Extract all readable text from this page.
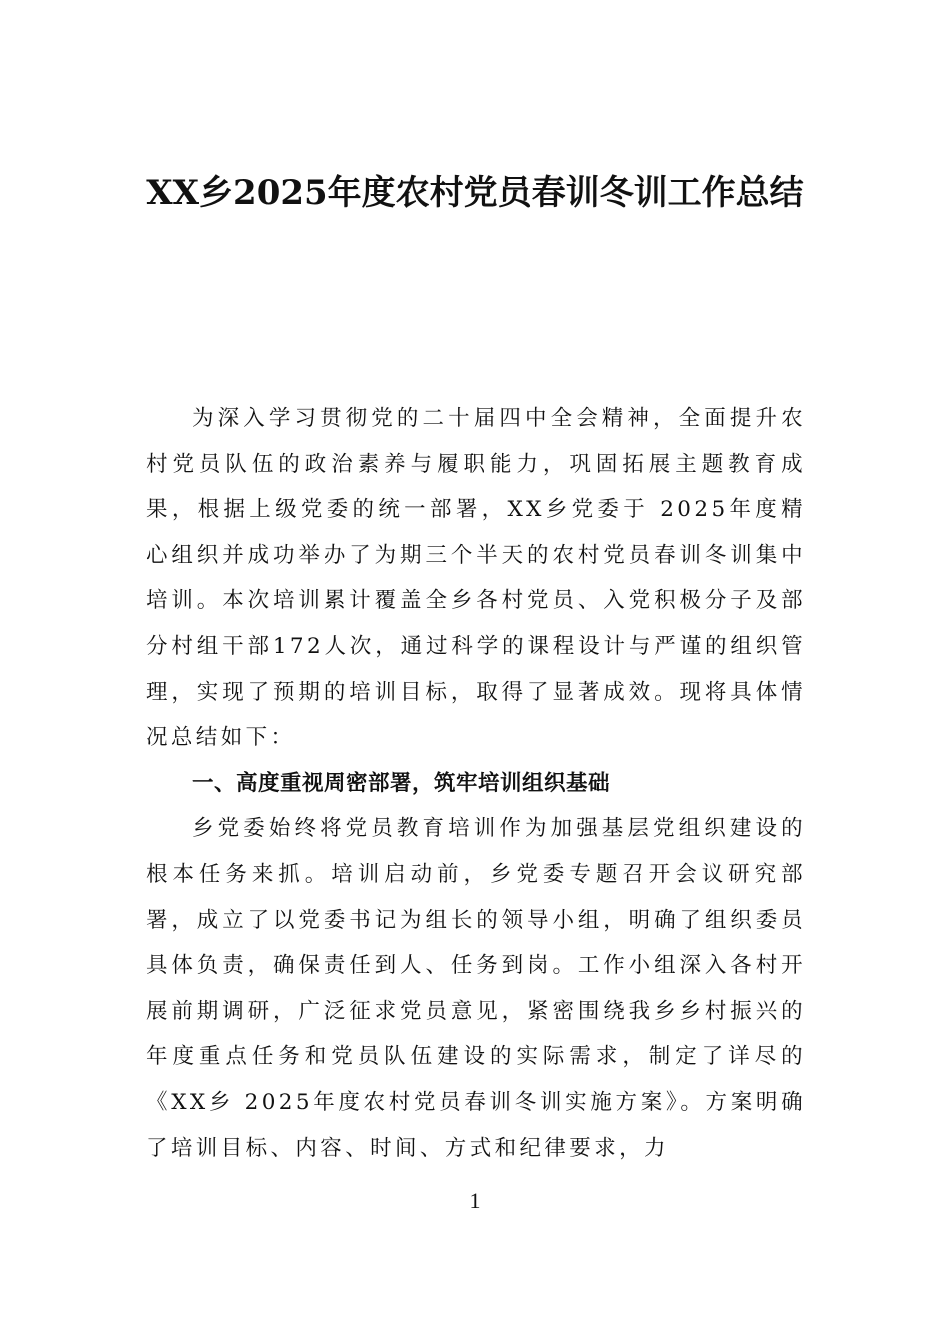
XX乡2025年度农村党员春训冬训工作总结

为深入学习贯彻党的二十届四中全会精神，全面提升农村党员队伍的政治素养与履职能力，巩固拓展主题教育成果，根据上级党委的统一部署，XX乡党委于 2025年度精心组织并成功举办了为期三个半天的农村党员春训冬训集中培训。本次培训累计覆盖全乡各村党员、入党积极分子及部分村组干部172人次，通过科学的课程设计与严谨的组织管理，实现了预期的培训目标，取得了显著成效。现将具体情况总结如下：

一、高度重视周密部署，筑牢培训组织基础

乡党委始终将党员教育培训作为加强基层党组织建设的根本任务来抓。培训启动前，乡党委专题召开会议研究部署，成立了以党委书记为组长的领导小组，明确了组织委员具体负责，确保责任到人、任务到岗。工作小组深入各村开展前期调研，广泛征求党员意见，紧密围绕我乡乡村振兴的年度重点任务和党员队伍建设的实际需求，制定了详尽的《XX乡 2025年度农村党员春训冬训实施方案》。方案明确了培训目标、内容、时间、方式和纪律要求，力

1
